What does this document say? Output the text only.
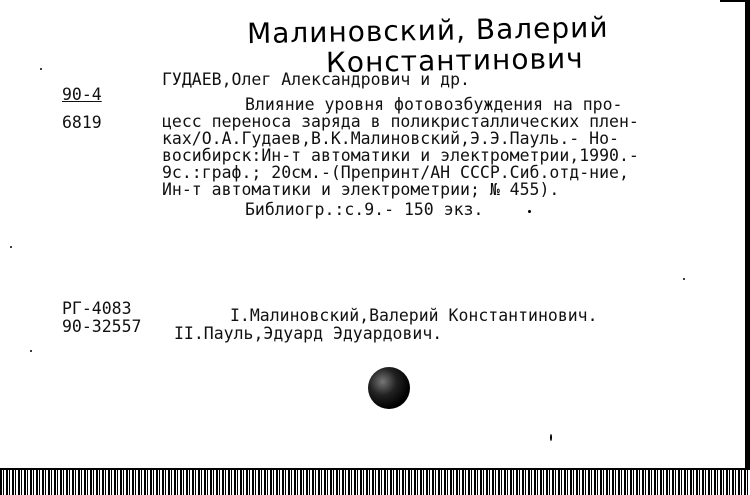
Малиновский, Валерий
Константинович
90-4
6819
ГУДАЕВ,Олег Александрович и др.
Влияние уровня фотовозбуждения на про-
цесс переноса заряда в поликристаллических плен-
ках/О.А.Гудаев,В.К.Малиновский,Э.Э.Пауль.- Но-
восибирск:Ин-т автоматики и электрометрии,1990.-
9с.:граф.; 20см.-(Препринт/АН СССР.Сиб.отд-ние,
Ин-т автоматики и электрометрии; № 455).
Библиогр.:с.9.- 150 экз.
РГ-4083
90-32557
I.Малиновский,Валерий Константинович.
II.Пауль,Эдуард Эдуардович.
